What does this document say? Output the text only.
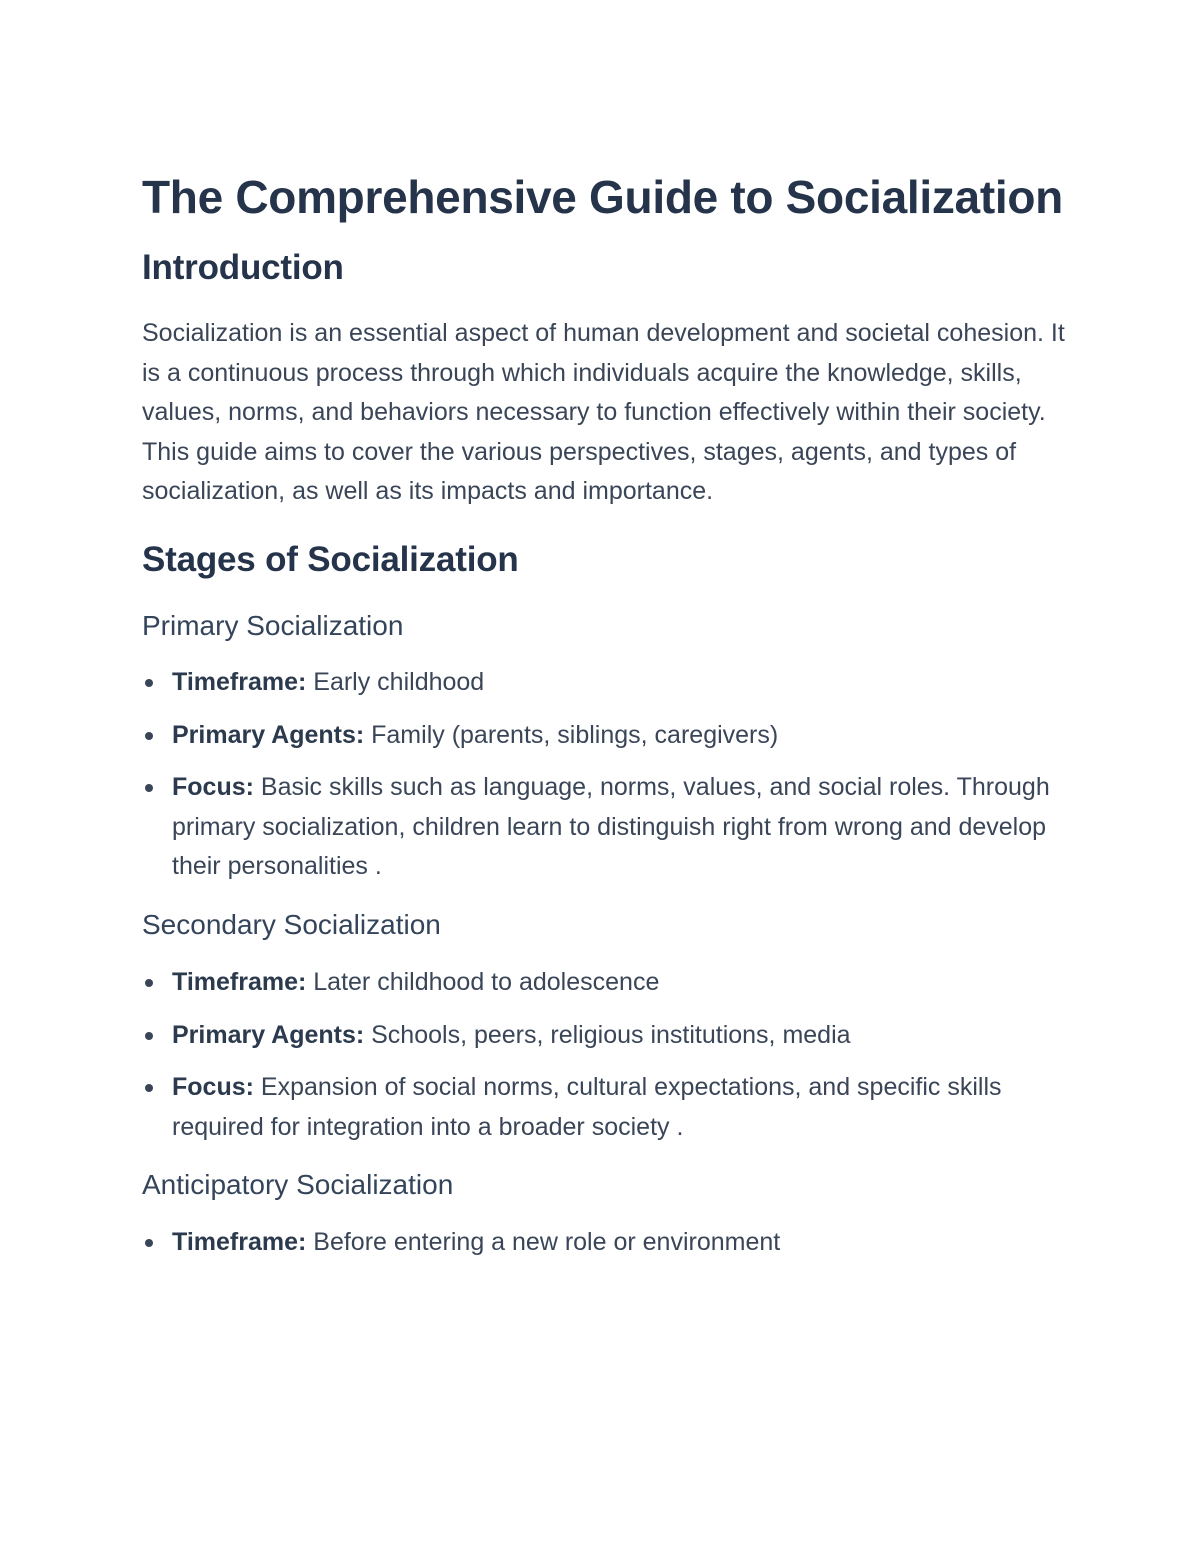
The Comprehensive Guide to Socialization
Introduction

Socialization is an essential aspect of human development and societal cohesion. It is a continuous process through which individuals acquire the knowledge, skills, values, norms, and behaviors necessary to function effectively within their society. This guide aims to cover the various perspectives, stages, agents, and types of socialization, as well as its impacts and importance.

Stages of Socialization
Primary Socialization
Timeframe: Early childhood
Primary Agents: Family (parents, siblings, caregivers)
Focus: Basic skills such as language, norms, values, and social roles. Through primary socialization, children learn to distinguish right from wrong and develop their personalities .
Secondary Socialization
Timeframe: Later childhood to adolescence
Primary Agents: Schools, peers, religious institutions, media
Focus: Expansion of social norms, cultural expectations, and specific skills required for integration into a broader society .
Anticipatory Socialization
Timeframe: Before entering a new role or environment
